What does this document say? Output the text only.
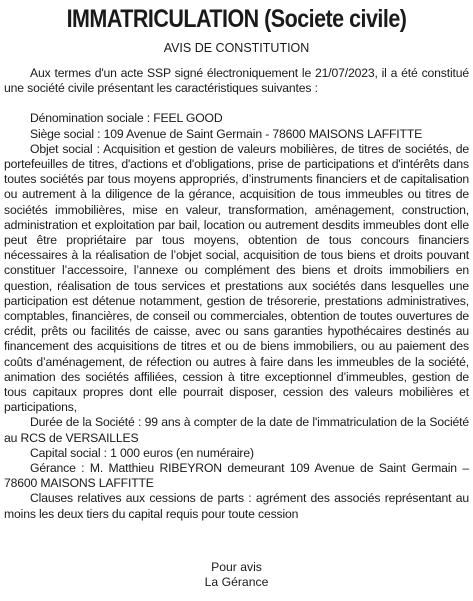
IMMATRICULATION (Societe civile)
AVIS DE CONSTITUTION

Aux termes d'un acte SSP signé électroniquement le 21/07/2023, il a été constitué une société civile présentant les caractéristiques suivantes :

Dénomination sociale : FEEL GOOD

Siège social : 109 Avenue de Saint Germain - 78600 MAISONS LAFFITTE

Objet social : Acquisition et gestion de valeurs mobilières, de titres de sociétés, de portefeuilles de titres, d'actions et d'obligations, prise de participations et d'intérêts dans toutes sociétés par tous moyens appropriés, d’instruments financiers et de capitalisation ou autrement à la diligence de la gérance, acquisition de tous immeubles ou titres de sociétés immobilières, mise en valeur, transformation, aménagement, construction, administration et exploitation par bail, location ou autrement desdits immeubles dont elle peut être propriétaire par tous moyens, obtention de tous concours financiers nécessaires à la réalisation de l’objet social, acquisition de tous biens et droits pouvant constituer l’accessoire, l’annexe ou complément des biens et droits immobiliers en question, réalisation de tous services et prestations aux sociétés dans lesquelles une participation est détenue notamment, gestion de trésorerie, prestations administratives, comptables, financières, de conseil ou commerciales, obtention de toutes ouvertures de crédit, prêts ou facilités de caisse, avec ou sans garanties hypothécaires destinés au financement des acquisitions de titres et ou de biens immobiliers, ou au paiement des coûts d’aménagement, de réfection ou autres à faire dans les immeubles de la société, animation des sociétés affiliées, cession à titre exceptionnel d’immeubles, gestion de tous capitaux propres dont elle pourrait disposer, cession des valeurs mobilières et participations,

Durée de la Société : 99 ans à compter de la date de l'immatriculation de la Société au RCS de VERSAILLES

Capital social : 1 000 euros (en numéraire)

Gérance : M. Matthieu RIBEYRON demeurant 109 Avenue de Saint Germain – 78600 MAISONS LAFFITTE

Clauses relatives aux cessions de parts : agrément des associés représentant au moins les deux tiers du capital requis pour toute cession

Pour avis
La Gérance
